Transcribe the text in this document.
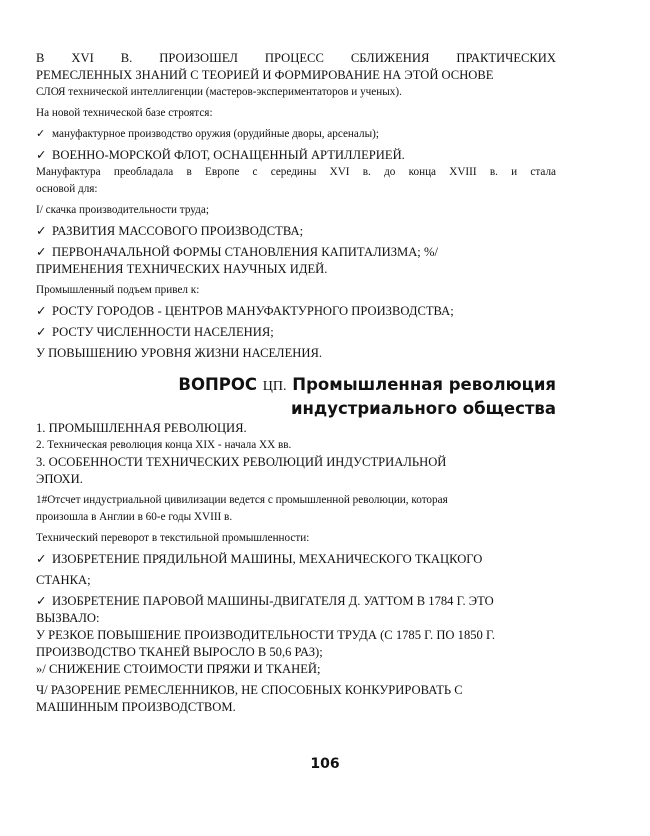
В XVI В. ПРОИЗОШЕЛ ПРОЦЕСС СБЛИЖЕНИЯ ПРАКТИЧЕСКИХ

РЕМЕСЛЕННЫХ ЗНАНИЙ С ТЕОРИЕЙ И ФОРМИРОВАНИЕ НА ЭТОЙ ОСНОВЕ

СЛОЯ технической интеллигенции (мастеров-экспериментаторов и ученых).

На новой технической базе строятся:

✓ мануфактурное производство оружия (орудийные дворы, арсеналы);

✓ ВОЕННО-МОРСКОЙ ФЛОТ, ОСНАЩЕННЫЙ АРТИЛЛЕРИЕЙ.

Мануфактура преобладала в Европе с середины XVI в. до конца XVIII в. и стала

основой для:

I/ скачка производительности труда;

✓ РАЗВИТИЯ МАССОВОГО ПРОИЗВОДСТВА;

✓ ПЕРВОНАЧАЛЬНОЙ ФОРМЫ СТАНОВЛЕНИЯ КАПИТАЛИЗМА; %/

ПРИМЕНЕНИЯ ТЕХНИЧЕСКИХ НАУЧНЫХ ИДЕЙ.

Промышленный подъем привел к:

✓ РОСТУ ГОРОДОВ - ЦЕНТРОВ МАНУФАКТУРНОГО ПРОИЗВОДСТВА;

✓ РОСТУ ЧИСЛЕННОСТИ НАСЕЛЕНИЯ;

У ПОВЫШЕНИЮ УРОВНЯ ЖИЗНИ НАСЕЛЕНИЯ.

ВОПРОС ЦП. Промышленная революция
индустриального общества

1. ПРОМЫШЛЕННАЯ РЕВОЛЮЦИЯ.

2. Техническая революция конца XIX - начала XX вв.

3. ОСОБЕННОСТИ ТЕХНИЧЕСКИХ РЕВОЛЮЦИЙ ИНДУСТРИАЛЬНОЙ

ЭПОХИ.

1#Отсчет индустриальной цивилизации ведется с промышленной революции, которая

произошла в Англии в 60-е годы XVIII в.

Технический переворот в текстильной промышленности:

✓ ИЗОБРЕТЕНИЕ ПРЯДИЛЬНОЙ МАШИНЫ, МЕХАНИЧЕСКОГО ТКАЦКОГО

СТАНКА;

✓ ИЗОБРЕТЕНИЕ ПАРОВОЙ МАШИНЫ-ДВИГАТЕЛЯ Д. УАТТОМ В 1784 Г. ЭТО

ВЫЗВАЛО:

У РЕЗКОЕ ПОВЫШЕНИЕ ПРОИЗВОДИТЕЛЬНОСТИ ТРУДА (С 1785 Г. ПО 1850 Г.

ПРОИЗВОДСТВО ТКАНЕЙ ВЫРОСЛО В 50,6 РАЗ);

»/ СНИЖЕНИЕ СТОИМОСТИ ПРЯЖИ И ТКАНЕЙ;

Ч/ РАЗОРЕНИЕ РЕМЕСЛЕННИКОВ, НЕ СПОСОБНЫХ КОНКУРИРОВАТЬ С

МАШИННЫМ ПРОИЗВОДСТВОМ.

106
